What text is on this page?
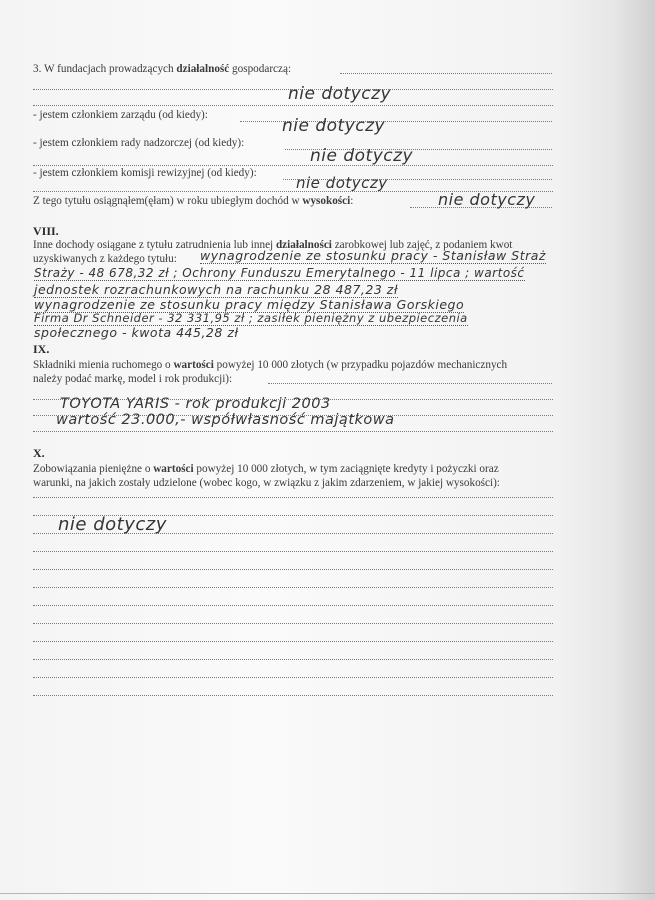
3. W fundacjach prowadzących działalność gospodarczą:
nie dotyczy
- jestem członkiem zarządu (od kiedy):
nie dotyczy
- jestem członkiem rady nadzorczej (od kiedy):
nie dotyczy
- jestem członkiem komisji rewizyjnej (od kiedy):
nie dotyczy
Z tego tytułu osiągnąłem(ęłam) w roku ubiegłym dochód w wysokości:	nie dotyczy
VIII.
Inne dochody osiągane z tytułu zatrudnienia lub innej działalności zarobkowej lub zajęć, z podaniem kwot
uzyskiwanych z każdego tytułu: wynagrodzenie ze stosunku pracy - Stanisław Straż
Straży - 48 678,32 zł ; Ochrony Funduszu Emerytalnego - 11 lipca ; wartość
jednostek rozrachunkowych na rachunku 28 487,23 zł
wynagrodzenie ze stosunku pracy między Stanisława Gorskiego
Firma Dr Schneider - 32 331,95 zł ; zasiłek pieniężny z ubezpieczenia
społecznego - kwota 445,28 zł
IX.
Składniki mienia ruchomego o wartości powyżej 10 000 złotych (w przypadku pojazdów mechanicznych
należy podać markę, model i rok produkcji):
TOYOTA YARIS - rok produkcji 2003
wartość 23.000,- współwłasność majątkowa
X.
Zobowiązania pieniężne o wartości powyżej 10 000 złotych, w tym zaciągnięte kredyty i pożyczki oraz
warunki, na jakich zostały udzielone (wobec kogo, w związku z jakim zdarzeniem, w jakiej wysokości):
nie dotyczy
